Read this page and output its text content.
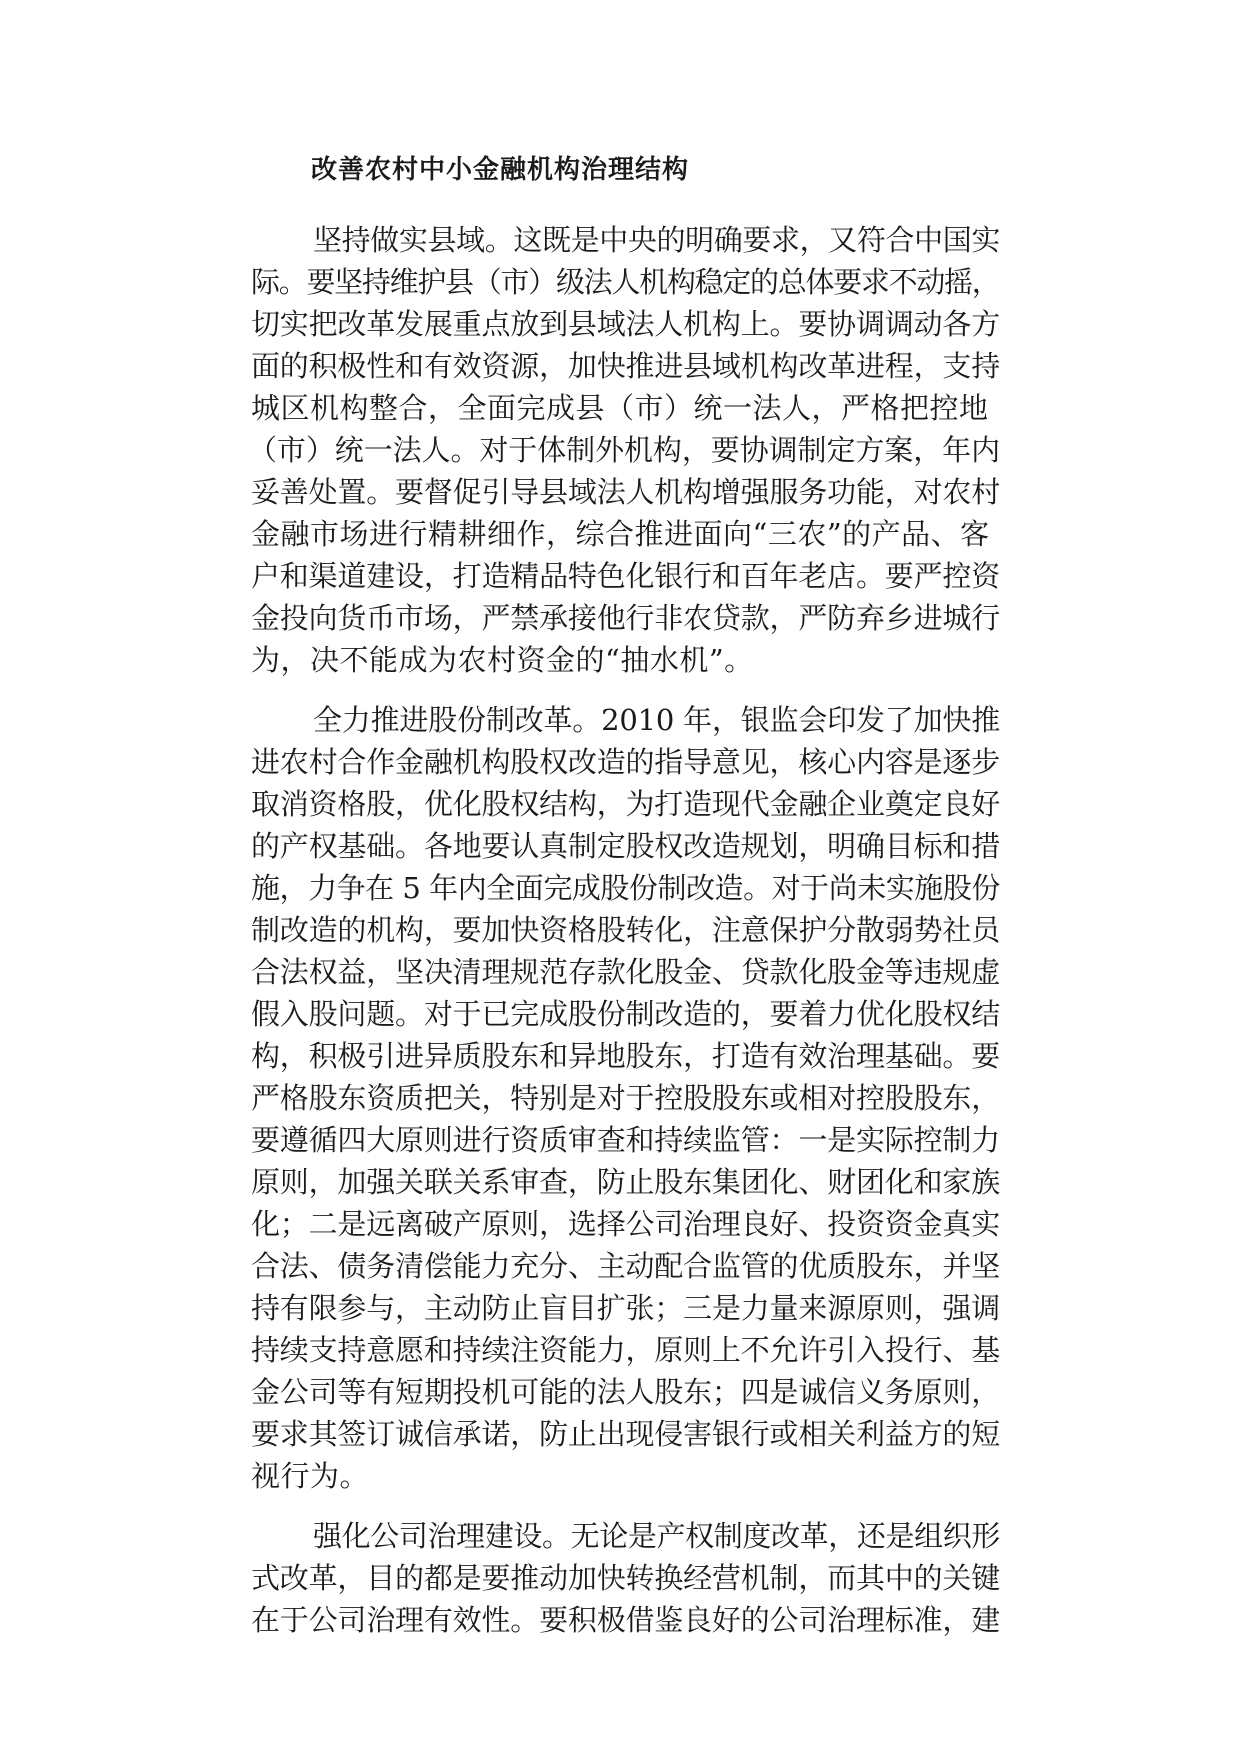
改善农村中小金融机构治理结构
坚持做实县域。这既是中央的明确要求，又符合中国实
际。要坚持维护县（市）级法人机构稳定的总体要求不动摇，
切实把改革发展重点放到县域法人机构上。要协调调动各方
面的积极性和有效资源，加快推进县域机构改革进程，支持
城区机构整合，全面完成县（市）统一法人，严格把控地
（市）统一法人。对于体制外机构，要协调制定方案，年内
妥善处置。要督促引导县域法人机构增强服务功能，对农村
金融市场进行精耕细作，综合推进面向“三农”的产品、客
户和渠道建设，打造精品特色化银行和百年老店。要严控资
金投向货币市场，严禁承接他行非农贷款，严防弃乡进城行
为，决不能成为农村资金的“抽水机”。
全力推进股份制改革。2010 年，银监会印发了加快推
进农村合作金融机构股权改造的指导意见，核心内容是逐步
取消资格股，优化股权结构，为打造现代金融企业奠定良好
的产权基础。各地要认真制定股权改造规划，明确目标和措
施，力争在 5 年内全面完成股份制改造。对于尚未实施股份
制改造的机构，要加快资格股转化，注意保护分散弱势社员
合法权益，坚决清理规范存款化股金、贷款化股金等违规虚
假入股问题。对于已完成股份制改造的，要着力优化股权结
构，积极引进异质股东和异地股东，打造有效治理基础。要
严格股东资质把关，特别是对于控股股东或相对控股股东，
要遵循四大原则进行资质审查和持续监管：一是实际控制力
原则，加强关联关系审查，防止股东集团化、财团化和家族
化；二是远离破产原则，选择公司治理良好、投资资金真实
合法、债务清偿能力充分、主动配合监管的优质股东，并坚
持有限参与，主动防止盲目扩张；三是力量来源原则，强调
持续支持意愿和持续注资能力，原则上不允许引入投行、基
金公司等有短期投机可能的法人股东；四是诚信义务原则，
要求其签订诚信承诺，防止出现侵害银行或相关利益方的短
视行为。
强化公司治理建设。无论是产权制度改革，还是组织形
式改革，目的都是要推动加快转换经营机制，而其中的关键
在于公司治理有效性。要积极借鉴良好的公司治理标准，建
